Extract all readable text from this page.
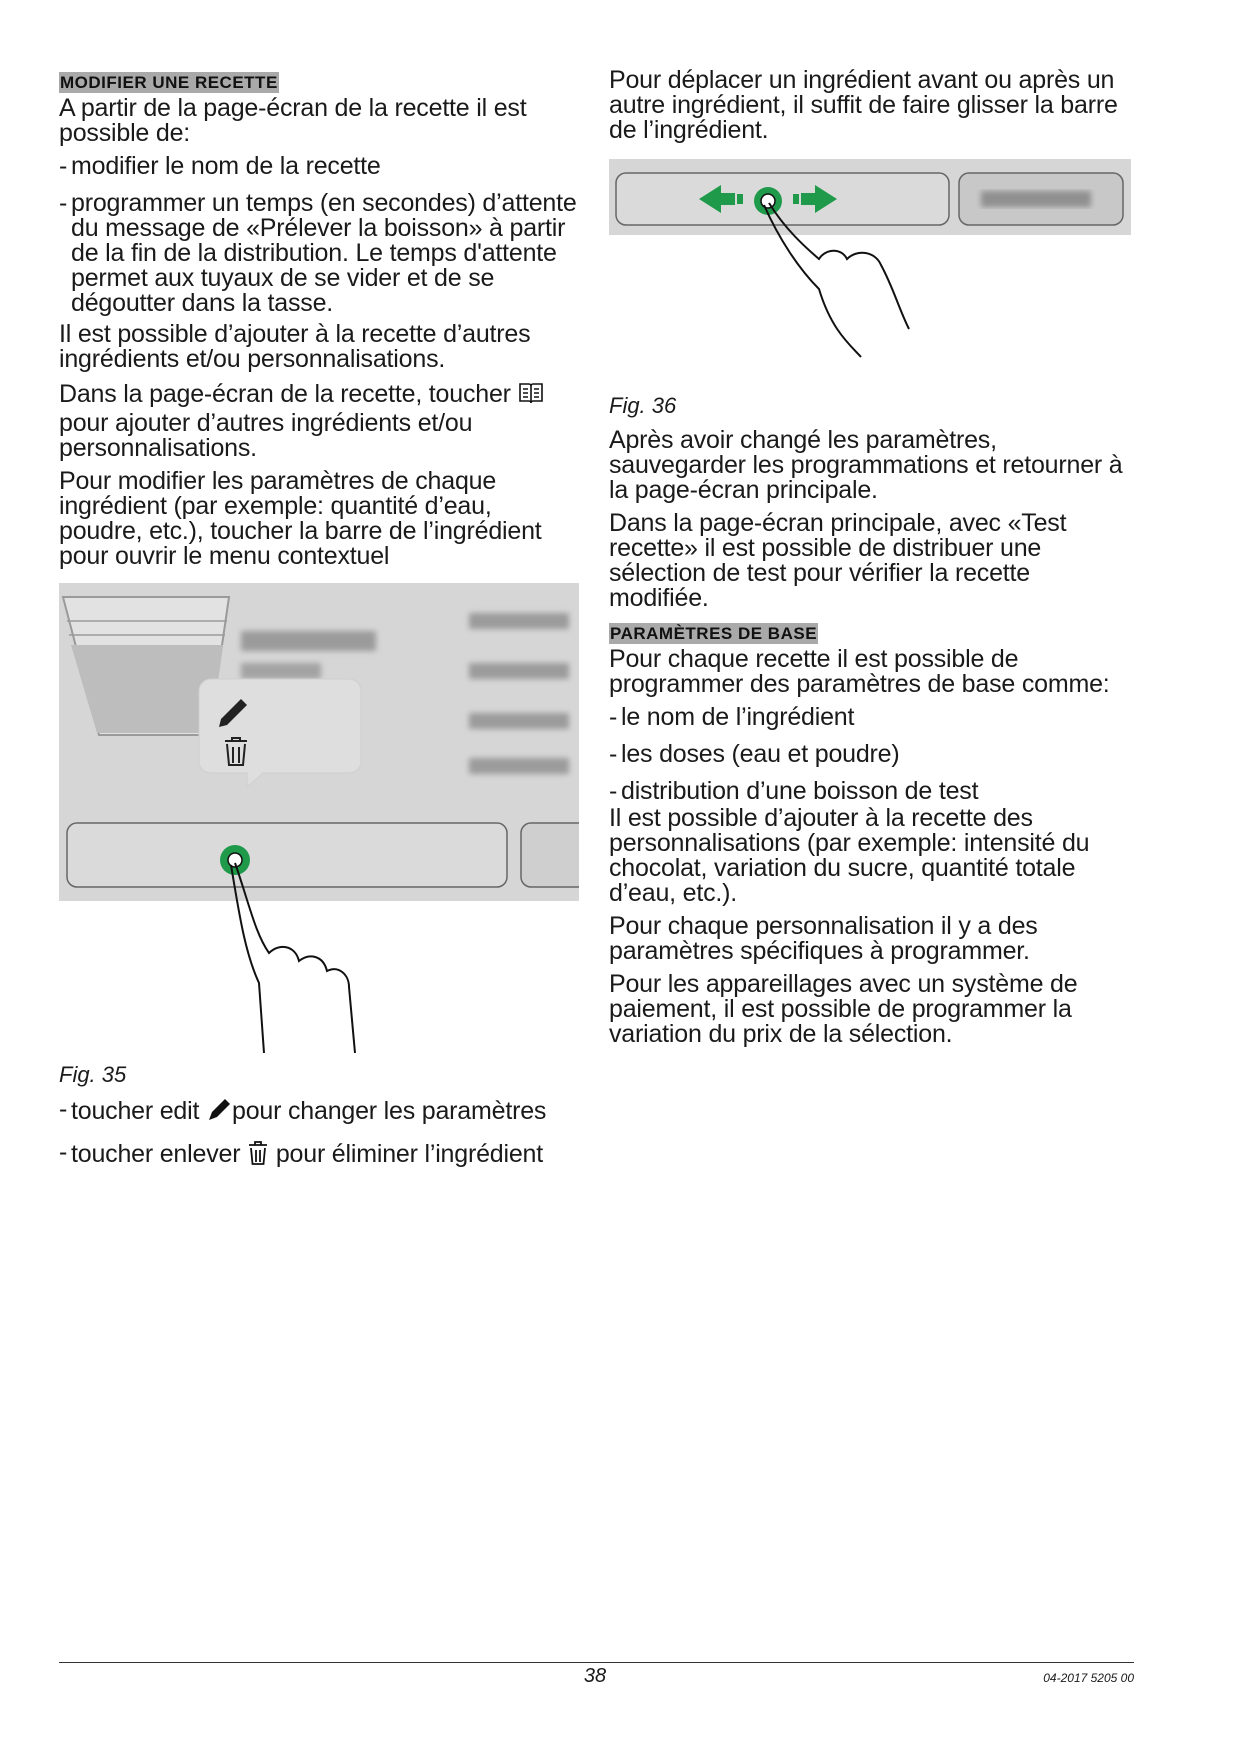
MODIFIER UNE RECETTE

A partir de la page-écran de la recette il est possible de:

- modifier le nom de la recette
- programmer un temps (en secondes) d’attente du message de «Prélever la boisson» à partir de la fin de la distribution. Le temps d'attente permet aux tuyaux de se vider et de se dégoutter dans la tasse.

Il est possible d’ajouter à la recette d’autres ingrédients et/ou personnalisations.

Dans la page-écran de la recette, toucher  pour ajouter d’autres ingrédients et/ou personnalisations.

Pour modifier les paramètres de chaque ingrédient (par exemple: quantité d’eau, poudre, etc.), toucher la barre de l’ingrédient pour ouvrir le menu contextuel

Fig. 35
- toucher edit pour changer les paramètres
- toucher enlever pour éliminer l’ingrédient

Pour déplacer un ingrédient avant ou après un autre ingrédient, il suffit de faire glisser la barre de l’ingrédient.

Fig. 36

Après avoir changé les paramètres, sauvegarder les programmations et retourner à la page-écran principale.

Dans la page-écran principale, avec «Test recette» il est possible de distribuer une sélection de test pour vérifier la recette modifiée.

PARAMÈTRES DE BASE

Pour chaque recette il est possible de programmer des paramètres de base comme:

- le nom de l’ingrédient
- les doses (eau et poudre)
- distribution d’une boisson de test

Il est possible d’ajouter à la recette des personnalisations (par exemple: intensité du chocolat, variation du sucre, quantité totale d’eau, etc.).

Pour chaque personnalisation il y a des paramètres spécifiques à programmer.

Pour les appareillages avec un système de paiement, il est possible de programmer la variation du prix de la sélection.

38	04-2017 5205 00
